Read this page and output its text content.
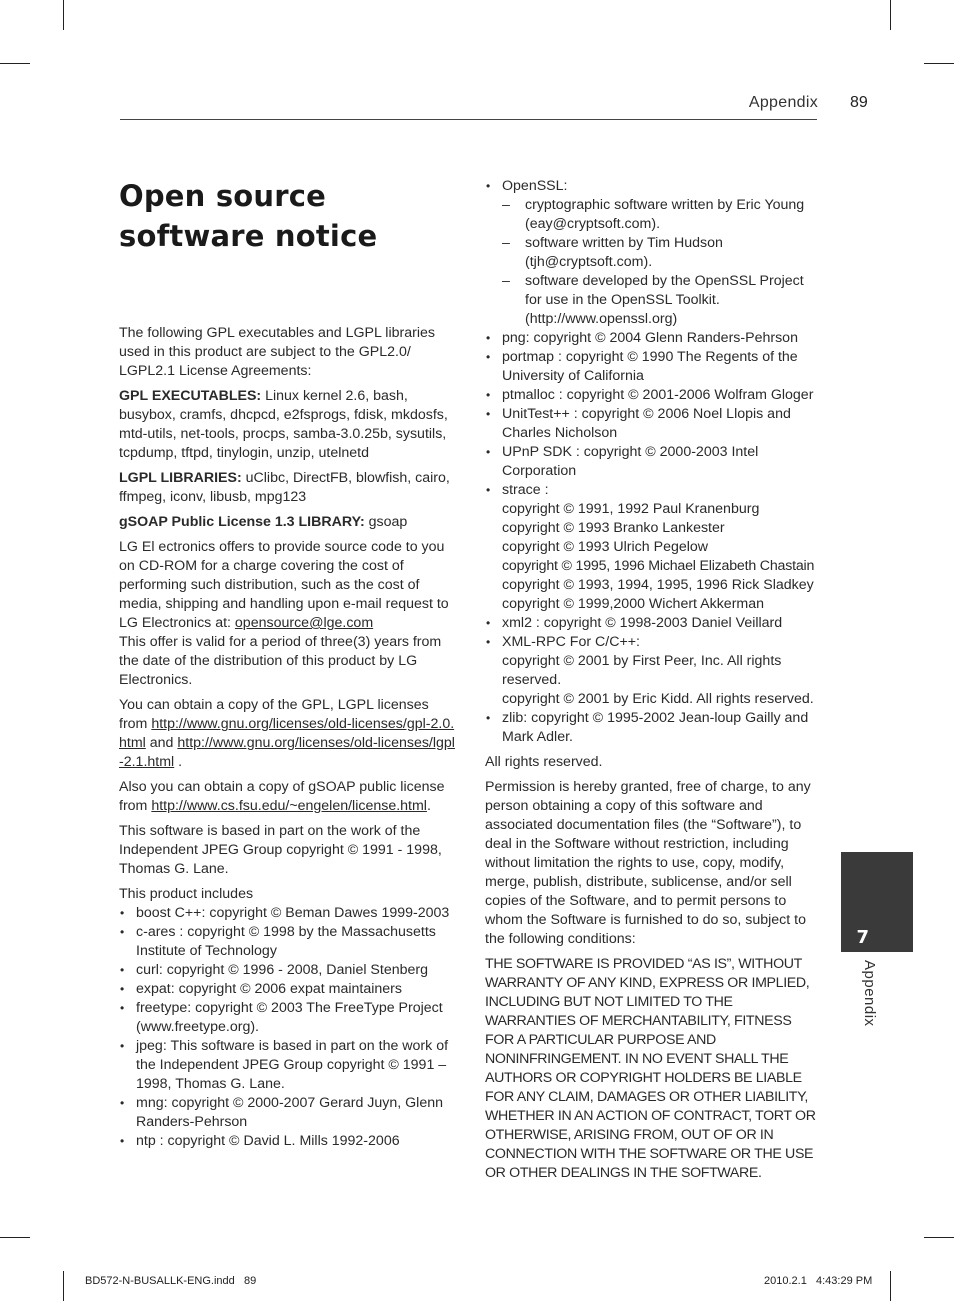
Appendix 89
Open source software notice

The following GPL executables and LGPL libraries used in this product are subject to the GPL2.0/ LGPL2.1 License Agreements:

GPL EXECUTABLES: Linux kernel 2.6, bash, busybox, cramfs, dhcpcd, e2fsprogs, fdisk, mkdosfs, mtd-utils, net-tools, procps, samba-3.0.25b, sysutils, tcpdump, tftpd, tinylogin, unzip, utelnetd

LGPL LIBRARIES: uClibc, DirectFB, blowfish, cairo, ffmpeg, iconv, libusb, mpg123

gSOAP Public License 1.3 LIBRARY: gsoap

LG El ectronics offers to provide source code to you on CD-ROM for a charge covering the cost of performing such distribution, such as the cost of media, shipping and handling upon e-mail request to LG Electronics at: opensource@lge.com

This offer is valid for a period of three(3) years from the date of the distribution of this product by LG Electronics.

You can obtain a copy of the GPL, LGPL licenses from http://www.gnu.org/licenses/old-licenses/gpl-2.0.html and http://www.gnu.org/licenses/old-licenses/lgpl-2.1.html .

Also you can obtain a copy of gSOAP public license from http://www.cs.fsu.edu/~engelen/license.html.

This software is based in part on the work of the Independent JPEG Group copyright © 1991 - 1998, Thomas G. Lane.

This product includes

• boost C++: copyright © Beman Dawes 1999-2003
• c-ares : copyright © 1998 by the Massachusetts Institute of Technology
• curl: copyright © 1996 - 2008, Daniel Stenberg
• expat: copyright © 2006 expat maintainers
• freetype: copyright © 2003 The FreeType Project (www.freetype.org).
• jpeg: This software is based in part on the work of the Independent JPEG Group copyright © 1991 – 1998, Thomas G. Lane.
• mng: copyright © 2000-2007 Gerard Juyn, Glenn Randers-Pehrson
• ntp : copyright © David L. Mills 1992-2006
• OpenSSL:
– cryptographic software written by Eric Young (eay@cryptsoft.com).
– software written by Tim Hudson (tjh@cryptsoft.com).
– software developed by the OpenSSL Project for use in the OpenSSL Toolkit. (http://www.openssl.org)
• png: copyright © 2004 Glenn Randers-Pehrson
• portmap : copyright © 1990 The Regents of the University of California
• ptmalloc : copyright © 2001-2006 Wolfram Gloger
• UnitTest++ : copyright © 2006 Noel Llopis and Charles Nicholson
• UPnP SDK : copyright © 2000-2003 Intel Corporation
• strace :
copyright © 1991, 1992 Paul Kranenburg
copyright © 1993 Branko Lankester
copyright © 1993 Ulrich Pegelow
copyright © 1995, 1996 Michael Elizabeth Chastain
copyright © 1993, 1994, 1995, 1996 Rick Sladkey
copyright © 1999,2000 Wichert Akkerman
• xml2 : copyright © 1998-2003 Daniel Veillard
• XML-RPC For C/C++:
copyright © 2001 by First Peer, Inc. All rights reserved.
copyright © 2001 by Eric Kidd. All rights reserved.
• zlib: copyright © 1995-2002 Jean-loup Gailly and Mark Adler.

All rights reserved.

Permission is hereby granted, free of charge, to any person obtaining a copy of this software and associated documentation files (the “Software”), to deal in the Software without restriction, including without limitation the rights to use, copy, modify, merge, publish, distribute, sublicense, and/or sell copies of the Software, and to permit persons to whom the Software is furnished to do so, subject to the following conditions:

THE SOFTWARE IS PROVIDED “AS IS”, WITHOUT WARRANTY OF ANY KIND, EXPRESS OR IMPLIED, INCLUDING BUT NOT LIMITED TO THE WARRANTIES OF MERCHANTABILITY, FITNESS FOR A PARTICULAR PURPOSE AND NONINFRINGEMENT. IN NO EVENT SHALL THE AUTHORS OR COPYRIGHT HOLDERS BE LIABLE FOR ANY CLAIM, DAMAGES OR OTHER LIABILITY, WHETHER IN AN ACTION OF CONTRACT, TORT OR OTHERWISE, ARISING FROM, OUT OF OR IN CONNECTION WITH THE SOFTWARE OR THE USE OR OTHER DEALINGS IN THE SOFTWARE.

7
Appendix
BD572-N-BUSALLK-ENG.indd   89	2010.2.1   4:43:29 PM
